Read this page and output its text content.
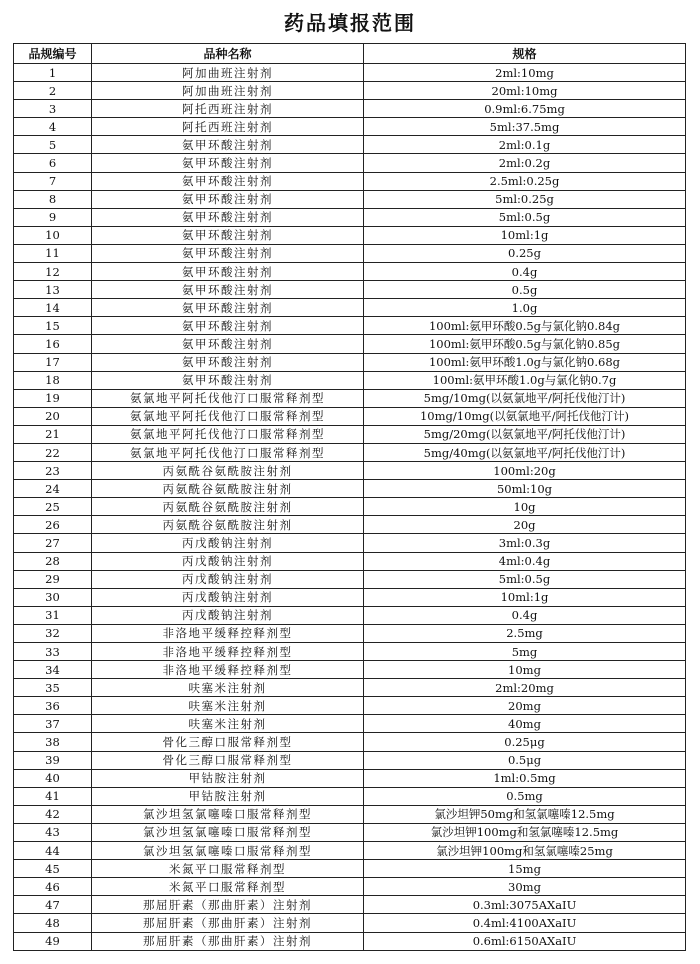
药品填报范围
品规编号	品种名称	规格
1	阿加曲班注射剂	2ml:10mg
2	阿加曲班注射剂	20ml:10mg
3	阿托西班注射剂	0.9ml:6.75mg
4	阿托西班注射剂	5ml:37.5mg
5	氨甲环酸注射剂	2ml:0.1g
6	氨甲环酸注射剂	2ml:0.2g
7	氨甲环酸注射剂	2.5ml:0.25g
8	氨甲环酸注射剂	5ml:0.25g
9	氨甲环酸注射剂	5ml:0.5g
10	氨甲环酸注射剂	10ml:1g
11	氨甲环酸注射剂	0.25g
12	氨甲环酸注射剂	0.4g
13	氨甲环酸注射剂	0.5g
14	氨甲环酸注射剂	1.0g
15	氨甲环酸注射剂	100ml:氨甲环酸0.5g与氯化钠0.84g
16	氨甲环酸注射剂	100ml:氨甲环酸0.5g与氯化钠0.85g
17	氨甲环酸注射剂	100ml:氨甲环酸1.0g与氯化钠0.68g
18	氨甲环酸注射剂	100ml:氨甲环酸1.0g与氯化钠0.7g
19	氨氯地平阿托伐他汀口服常释剂型	5mg/10mg(以氨氯地平/阿托伐他汀计)
20	氨氯地平阿托伐他汀口服常释剂型	10mg/10mg(以氨氯地平/阿托伐他汀计)
21	氨氯地平阿托伐他汀口服常释剂型	5mg/20mg(以氨氯地平/阿托伐他汀计)
22	氨氯地平阿托伐他汀口服常释剂型	5mg/40mg(以氨氯地平/阿托伐他汀计)
23	丙氨酰谷氨酰胺注射剂	100ml:20g
24	丙氨酰谷氨酰胺注射剂	50ml:10g
25	丙氨酰谷氨酰胺注射剂	10g
26	丙氨酰谷氨酰胺注射剂	20g
27	丙戊酸钠注射剂	3ml:0.3g
28	丙戊酸钠注射剂	4ml:0.4g
29	丙戊酸钠注射剂	5ml:0.5g
30	丙戊酸钠注射剂	10ml:1g
31	丙戊酸钠注射剂	0.4g
32	非洛地平缓释控释剂型	2.5mg
33	非洛地平缓释控释剂型	5mg
34	非洛地平缓释控释剂型	10mg
35	呋塞米注射剂	2ml:20mg
36	呋塞米注射剂	20mg
37	呋塞米注射剂	40mg
38	骨化三醇口服常释剂型	0.25μg
39	骨化三醇口服常释剂型	0.5μg
40	甲钴胺注射剂	1ml:0.5mg
41	甲钴胺注射剂	0.5mg
42	氯沙坦氢氯噻嗪口服常释剂型	氯沙坦钾50mg和氢氯噻嗪12.5mg
43	氯沙坦氢氯噻嗪口服常释剂型	氯沙坦钾100mg和氢氯噻嗪12.5mg
44	氯沙坦氢氯噻嗪口服常释剂型	氯沙坦钾100mg和氢氯噻嗪25mg
45	米氮平口服常释剂型	15mg
46	米氮平口服常释剂型	30mg
47	那屈肝素（那曲肝素）注射剂	0.3ml:3075AXaIU
48	那屈肝素（那曲肝素）注射剂	0.4ml:4100AXaIU
49	那屈肝素（那曲肝素）注射剂	0.6ml:6150AXaIU
